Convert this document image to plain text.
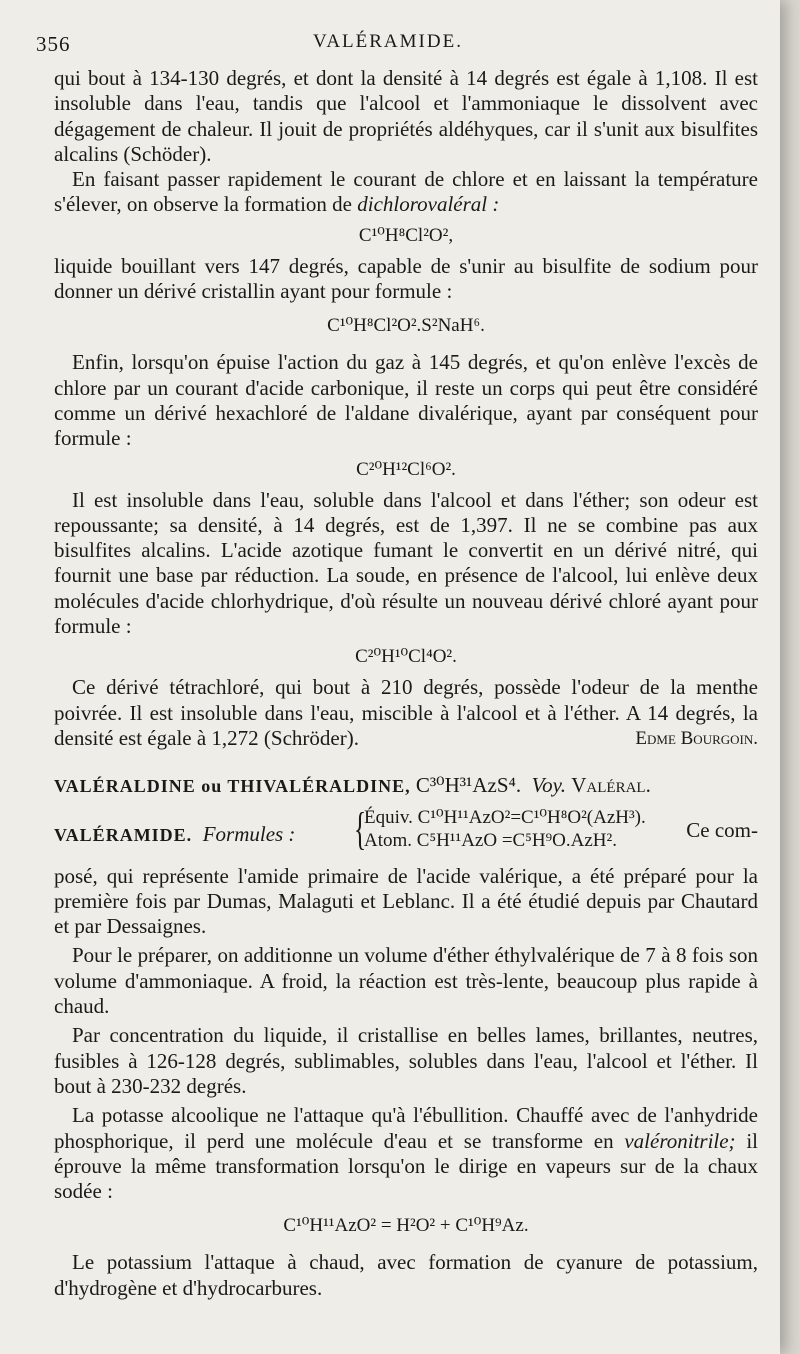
356	VALÉRAMIDE.

qui bout à 134-130 degrés, et dont la densité à 14 degrés est égale à 1,108. Il est insoluble dans l'eau, tandis que l'alcool et l'ammoniaque le dissolvent avec dégagement de chaleur. Il jouit de propriétés aldéhyques, car il s'unit aux bisulfites alcalins (Schöder).

En faisant passer rapidement le courant de chlore et en laissant la température s'élever, on observe la formation de dichlorovaléral :

C¹⁰H⁸Cl²O²,

liquide bouillant vers 147 degrés, capable de s'unir au bisulfite de sodium pour donner un dérivé cristallin ayant pour formule :

C¹⁰H⁸Cl²O².S²NaH⁶.

Enfin, lorsqu'on épuise l'action du gaz à 145 degrés, et qu'on enlève l'excès de chlore par un courant d'acide carbonique, il reste un corps qui peut être considéré comme un dérivé hexachloré de l'aldane divalérique, ayant par conséquent pour formule :

C²⁰H¹²Cl⁶O².

Il est insoluble dans l'eau, soluble dans l'alcool et dans l'éther; son odeur est repoussante; sa densité, à 14 degrés, est de 1,397. Il ne se combine pas aux bisulfites alcalins. L'acide azotique fumant le convertit en un dérivé nitré, qui fournit une base par réduction. La soude, en présence de l'alcool, lui enlève deux molécules d'acide chlorhydrique, d'où résulte un nouveau dérivé chloré ayant pour formule :

C²⁰H¹⁰Cl⁴O².

Ce dérivé tétrachloré, qui bout à 210 degrés, possède l'odeur de la menthe poivrée. Il est insoluble dans l'eau, miscible à l'alcool et à l'éther. A 14 degrés, la densité est égale à 1,272 (Schröder).	Edme Bourgoin.

VALÉRALDINE ou THIVALÉRALDINE, C³⁰H³¹AzS⁴. Voy. Valéral.

VALÉRAMIDE. Formules : {
Équiv. C¹⁰H¹¹AzO²=C¹⁰H⁸O²(AzH³).
Atom. C⁵H¹¹AzO =C⁵H⁹O.AzH².	Ce com-

posé, qui représente l'amide primaire de l'acide valérique, a été préparé pour la première fois par Dumas, Malaguti et Leblanc. Il a été étudié depuis par Chautard et par Dessaignes.

Pour le préparer, on additionne un volume d'éther éthylvalérique de 7 à 8 fois son volume d'ammoniaque. A froid, la réaction est très-lente, beaucoup plus rapide à chaud.

Par concentration du liquide, il cristallise en belles lames, brillantes, neutres, fusibles à 126-128 degrés, sublimables, solubles dans l'eau, l'alcool et l'éther. Il bout à 230-232 degrés.

La potasse alcoolique ne l'attaque qu'à l'ébullition. Chauffé avec de l'anhydride phosphorique, il perd une molécule d'eau et se transforme en valéronitrile; il éprouve la même transformation lorsqu'on le dirige en vapeurs sur de la chaux sodée :

C¹⁰H¹¹AzO² = H²O² + C¹⁰H⁹Az.

Le potassium l'attaque à chaud, avec formation de cyanure de potassium, d'hydrogène et d'hydrocarbures.
